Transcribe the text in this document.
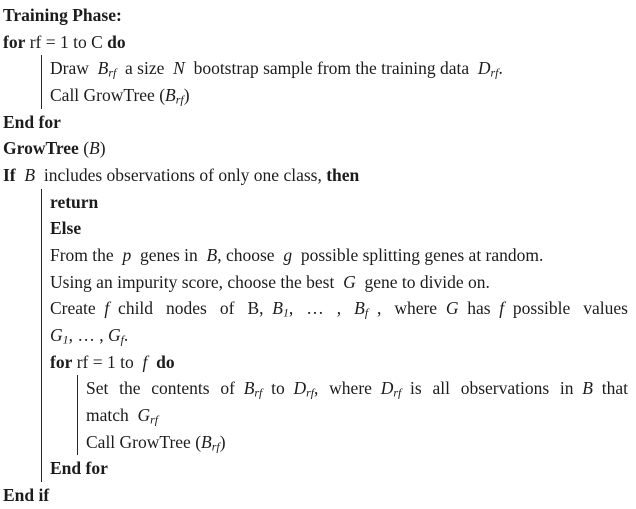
Training Phase:
for rf = 1 to C do
Draw $B_{rf}$ a size N bootstrap sample from the training data $D_{rf}$.
Call GrowTree $(B_{rf})$
End for
GrowTree (B)
If  B includes observations of only one class, then
return
Else
From the p genes in B, choose g possible splitting genes at random.
Using an impurity score, choose the best G gene to divide on.
Create f child nodes of B, $B_1$, … , $B_f$ , where G has f possible values
$G_1$, … , $G_f$.
for rf = 1 to f  do
Set the contents of $B_{rf}$ to $D_{rf}$, where $D_{rf}$ is all observations in B that
match $G_{rf}$
Call GrowTree $(B_{rf})$
End for
End if
